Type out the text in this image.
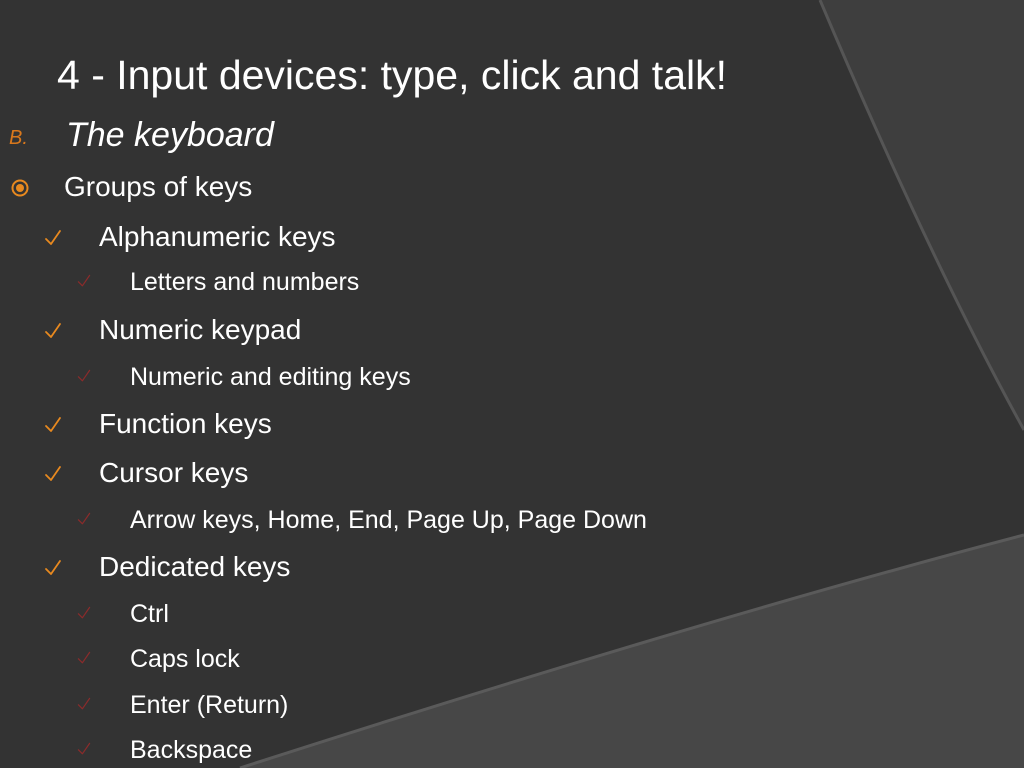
4 - Input devices: type, click and talk!
B. The keyboard
Groups of keys
Alphanumeric keys
Letters and numbers
Numeric keypad
Numeric and editing keys
Function keys
Cursor keys
Arrow keys, Home, End, Page Up, Page Down
Dedicated keys
Ctrl
Caps lock
Enter (Return)
Backspace
